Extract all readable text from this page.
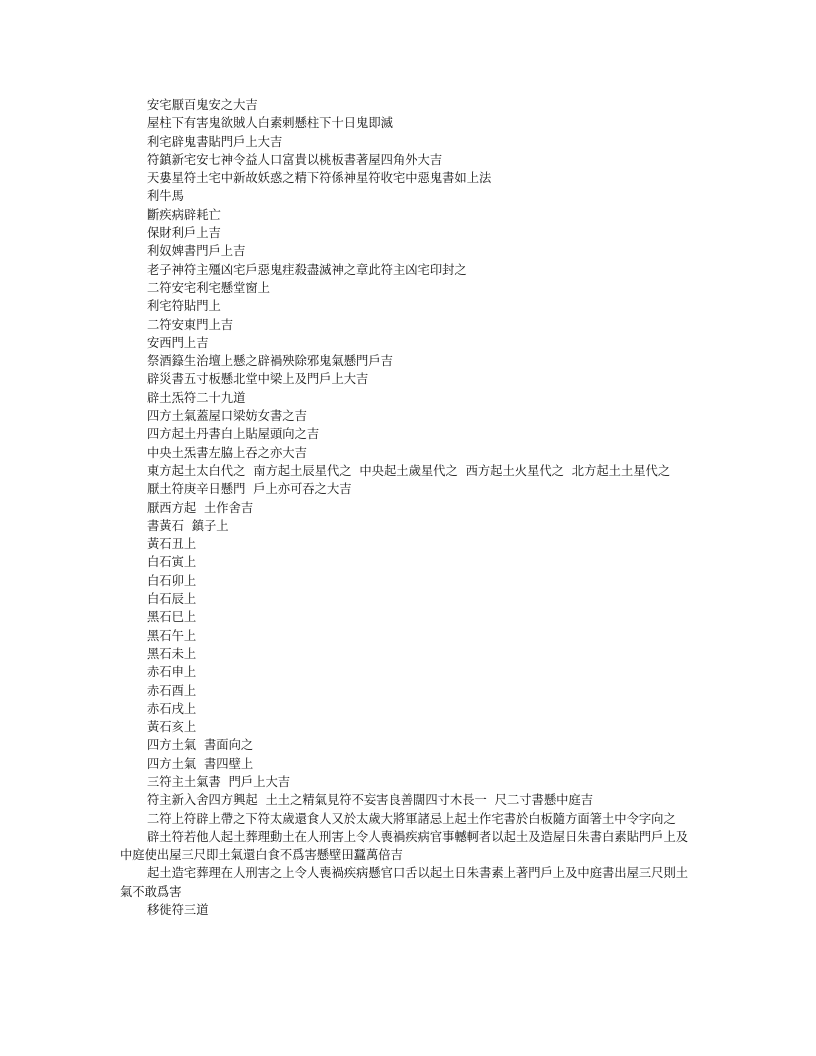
安宅厭百鬼安之大吉

屋柱下有害鬼欲賊人白素剌懸柱下十日鬼即滅

利宅辟鬼書貼門戶上大吉

符鎮新宅安七神令益人口富貴以桃板書著屋四角外大吉

天婁星符土宅中新故妖惑之精下符係神星符收宅中惡鬼書如上法

利牛馬

斷疾病辟耗亡

保財利戶上吉

利奴婢書門戶上吉

老子神符主殭凶宅戶惡鬼疰殺盡滅神之章此符主凶宅印封之

二符安宅利宅懸堂窗上

利宅符貼門上

二符安東門上吉

安西門上吉

祭酒籙生治壇上懸之辟禍殃除邪鬼氣懸門戶吉

辟災書五寸板懸北堂中梁上及門戶上大吉

辟土炁符二十九道

四方土氣蓋屋口梁妨女書之吉

四方起土丹書白上貼屋頭向之吉

中央土炁書左脇上吞之亦大吉

東方起土太白代之  南方起土辰星代之  中央起土歲星代之  西方起土火星代之  北方起土土星代之

厭土符庚辛日懸門  戶上亦可吞之大吉

厭西方起  土作舍吉

書黃石  鎮子上

黃石丑上

白石寅上

白石卯上

白石辰上

黑石巳上

黑石午上

黑石未上

赤石申上

赤石酉上

赤石戌上

黃石亥上

四方土氣  書面向之

四方土氣  書四壁上

三符主土氣書  門戶上大吉

符主新入舍四方興起  土土之精氣見符不妄害良善闊四寸木長一  尺二寸書懸中庭吉

二符上符辟上帶之下符太歲還食人又於太歲大將軍諸忌上起土作宅書於白板隨方面箸土中令字向之

辟土符若他人起土葬理動土在人刑害上令人喪禍疾病官事轗軻者以起土及造屋日朱書白素貼門戶上及中庭使出屋三尺即土氣還白食不爲害懸壁田蠶萬倍吉

起土造宅葬理在人刑害之上令人喪禍疾病懸官口舌以起土日朱書素上著門戶上及中庭書出屋三尺則土氣不敢爲害

移徙符三道
